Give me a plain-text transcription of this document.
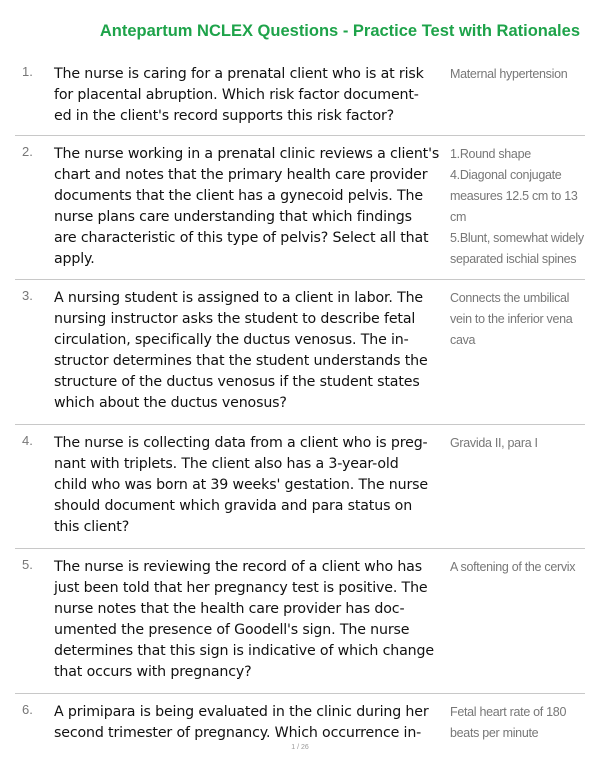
Antepartum NCLEX Questions - Practice Test with Rationales
1. The nurse is caring for a prenatal client who is at risk
for placental abruption. Which risk factor document-
ed in the client's record supports this risk factor?
Maternal hypertension
2. The nurse working in a prenatal clinic reviews a client's
chart and notes that the primary health care provider
documents that the client has a gynecoid pelvis. The
nurse plans care understanding that which findings
are characteristic of this type of pelvis? Select all that
apply.
1.Round shape
4.Diagonal conjugate
measures 12.5 cm to 13
cm
5.Blunt, somewhat widely
separated ischial spines
3. A nursing student is assigned to a client in labor. The
nursing instructor asks the student to describe fetal
circulation, specifically the ductus venosus. The in-
structor determines that the student understands the
structure of the ductus venosus if the student states
which about the ductus venosus?
Connects the umbilical
vein to the inferior vena
cava
4. The nurse is collecting data from a client who is preg-
nant with triplets. The client also has a 3-year-old
child who was born at 39 weeks' gestation. The nurse
should document which gravida and para status on
this client?
Gravida II, para I
5. The nurse is reviewing the record of a client who has
just been told that her pregnancy test is positive. The
nurse notes that the health care provider has doc-
umented the presence of Goodell's sign. The nurse
determines that this sign is indicative of which change
that occurs with pregnancy?
A softening of the cervix
6. A primipara is being evaluated in the clinic during her
second trimester of pregnancy. Which occurrence in-
Fetal heart rate of 180
beats per minute
1 / 26
